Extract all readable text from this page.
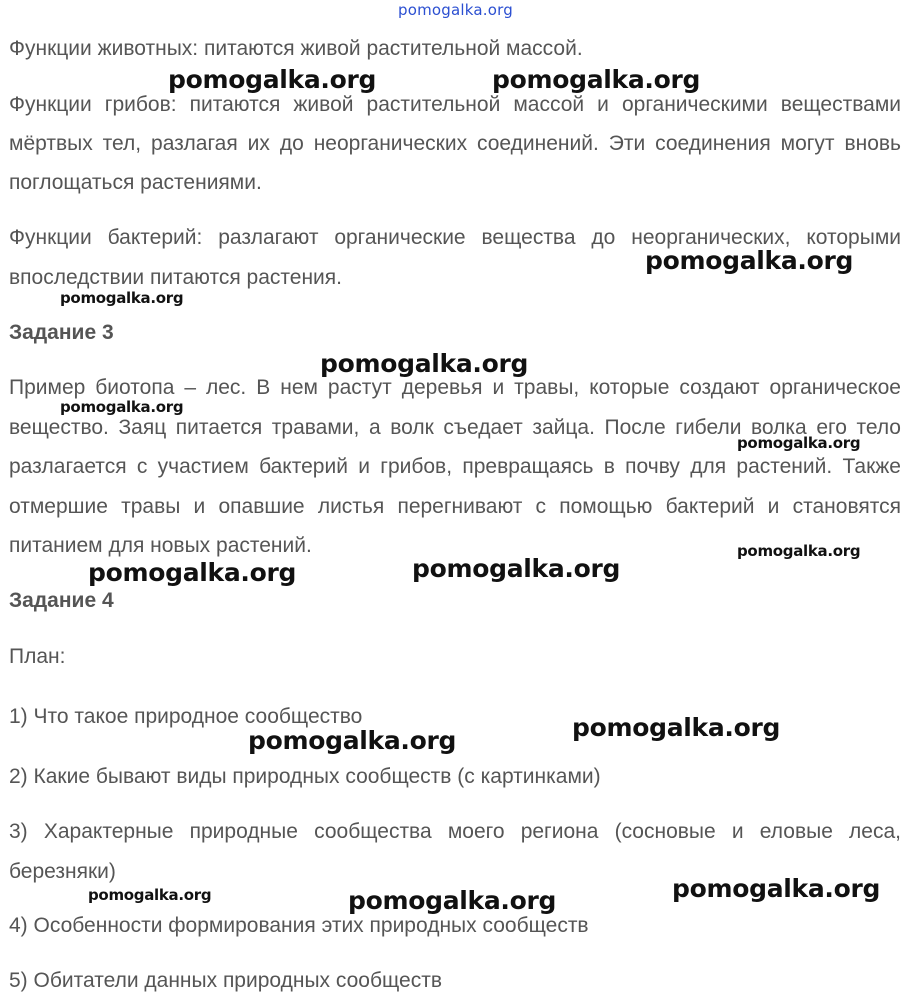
pomogalka.org

Функции животных: питаются живой растительной массой.

Функции грибов: питаются живой растительной массой и органическими веществами мёртвых тел, разлагая их до неорганических соединений. Эти соединения могут вновь поглощаться растениями.

Функции бактерий: разлагают органические вещества до неорганических, которыми впоследствии питаются растения.

Задание 3

Пример биотопа – лес. В нем растут деревья и травы, которые создают органическое вещество. Заяц питается травами, а волк съедает зайца. После гибели волка его тело разлагается с участием бактерий и грибов, превращаясь в почву для растений. Также отмершие травы и опавшие листья перегнивают с помощью бактерий и становятся питанием для новых растений.

Задание 4

План:

1) Что такое природное сообщество

2) Какие бывают виды природных сообществ (с картинками)

3) Характерные природные сообщества моего региона (сосновые и еловые леса, березняки)

4) Особенности формирования этих природных сообществ

5) Обитатели данных природных сообществ

pomogalka.org	pomogalka.org
pomogalka.org
pomogalka.org
pomogalka.org
pomogalka.org
pomogalka.org
pomogalka.org
pomogalka.org	pomogalka.org
pomogalka.org
pomogalka.org
pomogalka.org
pomogalka.org	pomogalka.org
